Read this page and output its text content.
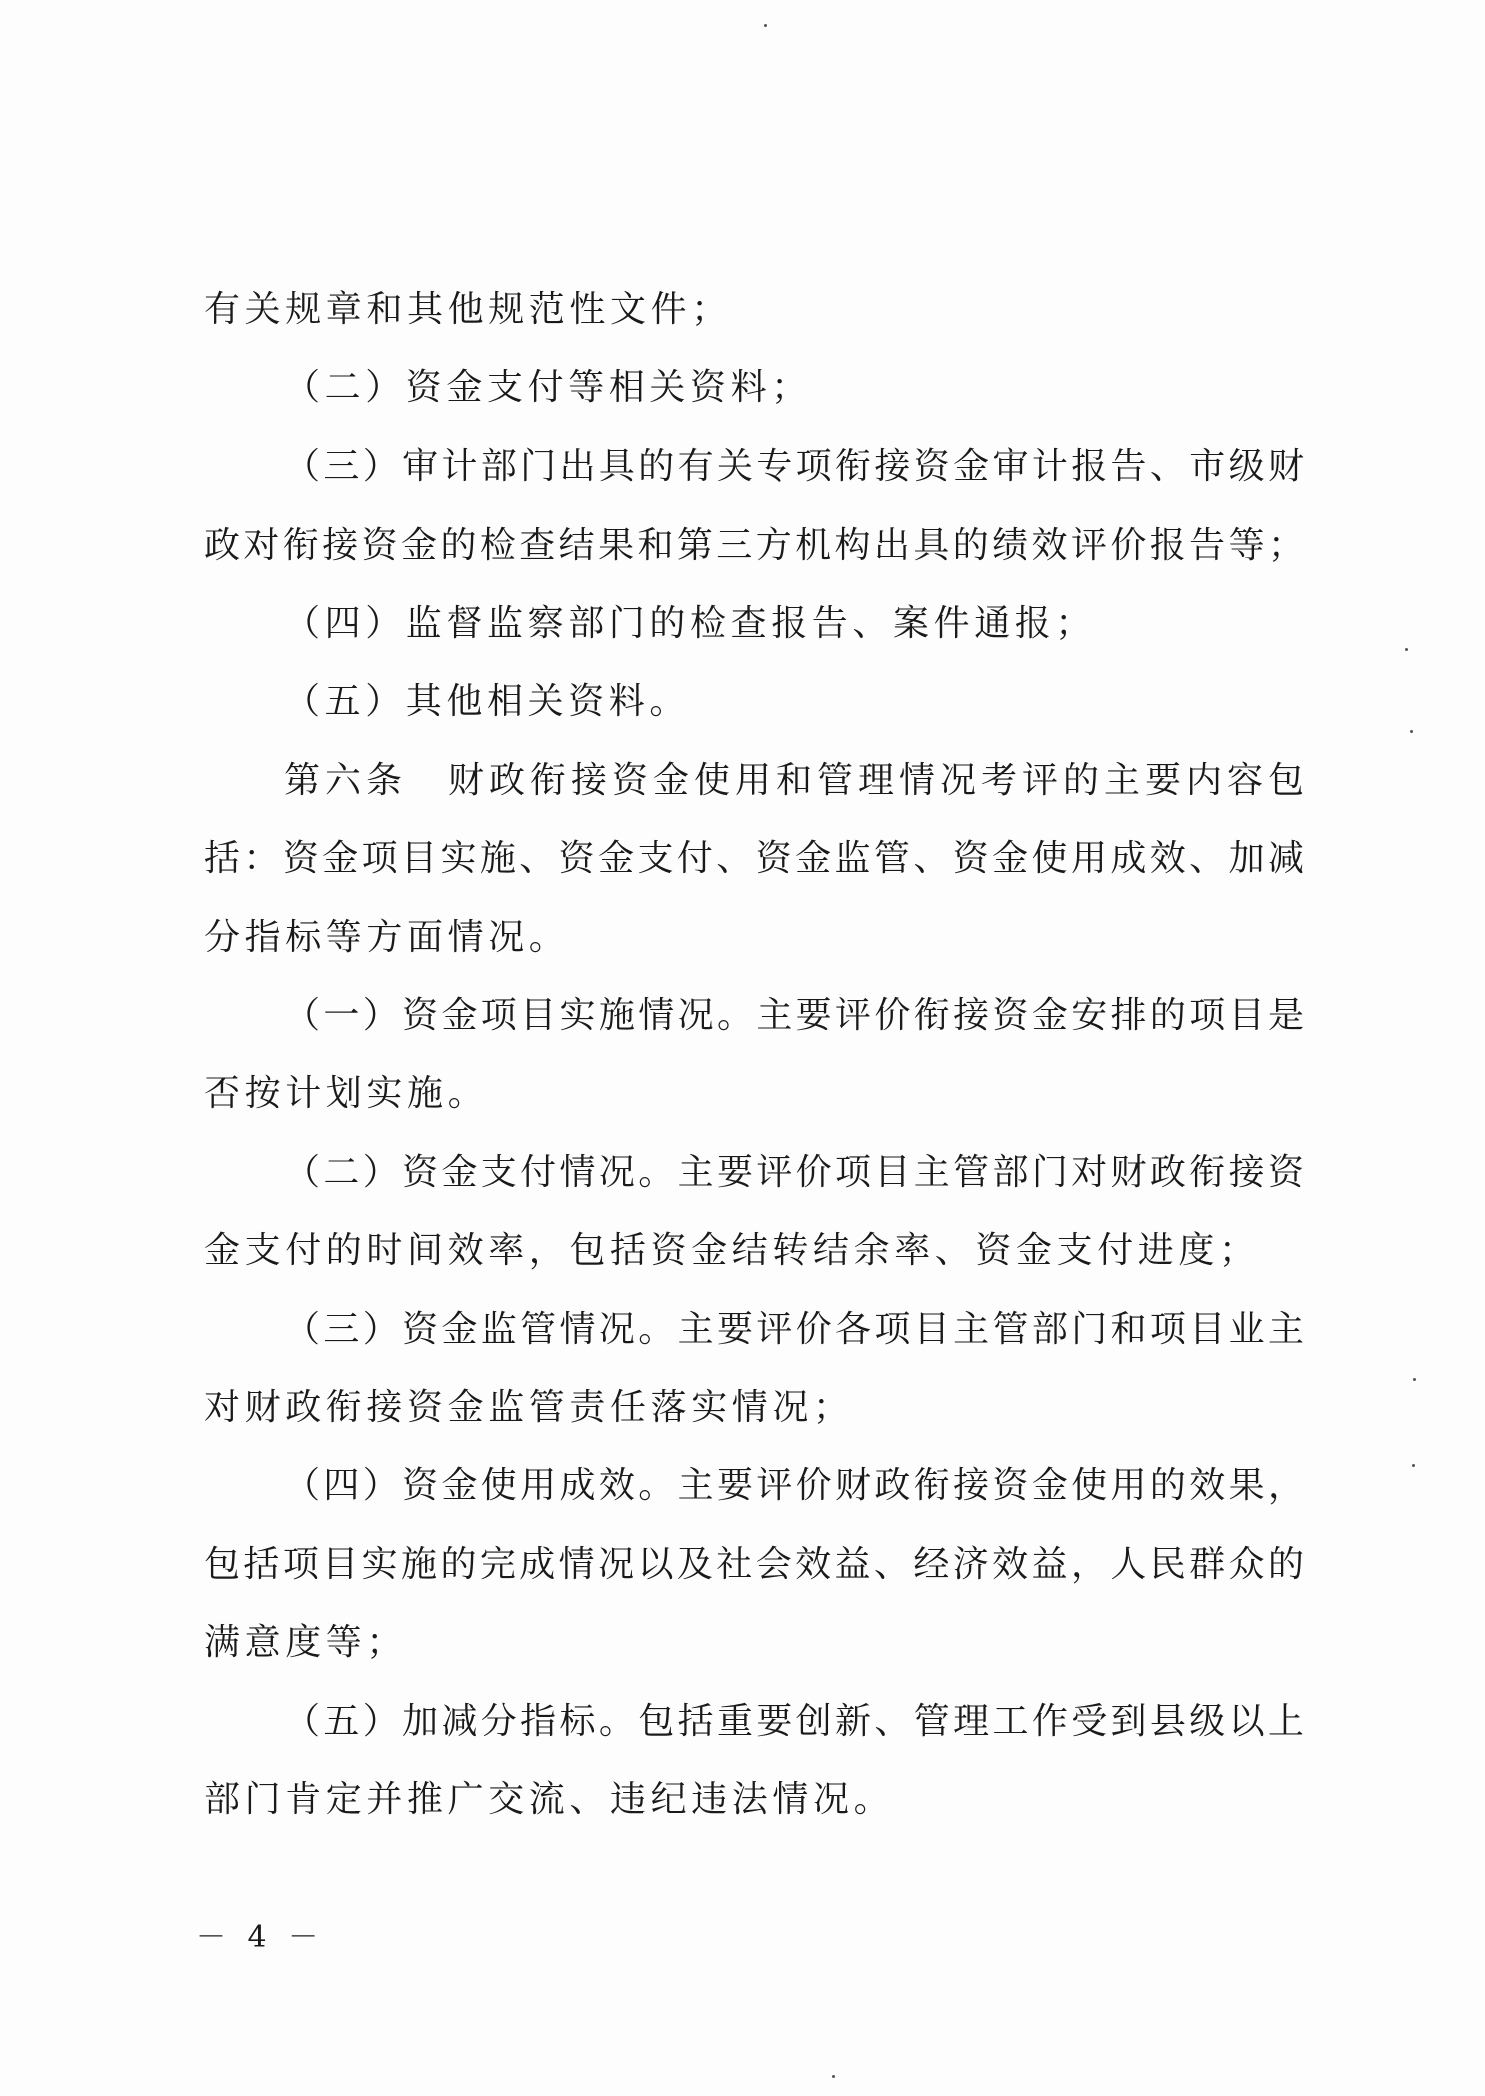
有关规章和其他规范性文件；
（二）资金支付等相关资料；
（三）审计部门出具的有关专项衔接资金审计报告、市级财
政对衔接资金的检查结果和第三方机构出具的绩效评价报告等；
（四）监督监察部门的检查报告、案件通报；
（五）其他相关资料。
第六条　财政衔接资金使用和管理情况考评的主要内容包
括：资金项目实施、资金支付、资金监管、资金使用成效、加减
分指标等方面情况。
（一）资金项目实施情况。主要评价衔接资金安排的项目是
否按计划实施。
（二）资金支付情况。主要评价项目主管部门对财政衔接资
金支付的时间效率，包括资金结转结余率、资金支付进度；
（三）资金监管情况。主要评价各项目主管部门和项目业主
对财政衔接资金监管责任落实情况；
（四）资金使用成效。主要评价财政衔接资金使用的效果，
包括项目实施的完成情况以及社会效益、经济效益，人民群众的
满意度等；
（五）加减分指标。包括重要创新、管理工作受到县级以上
部门肯定并推广交流、违纪违法情况。
－ 4 －
